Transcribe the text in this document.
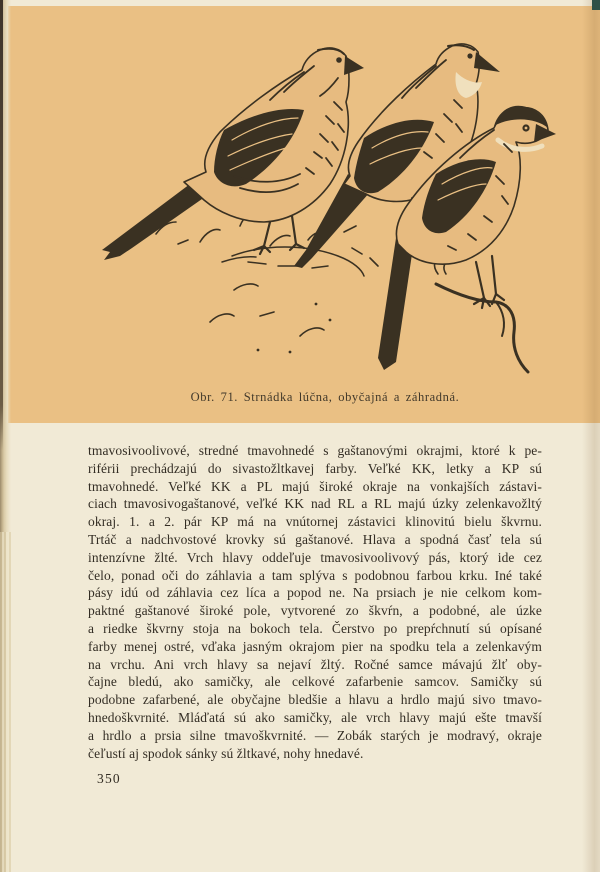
Obr. 71. Strnádka lúčna, obyčajná a záhradná.
tmavosivoolivové, stredné tmavohnedé s gaštanovými okrajmi, ktoré k pe-
riférii prechádzajú do sivastožltkavej farby. Veľké KK, letky a KP sú
tmavohnedé. Veľké KK a PL majú široké okraje na vonkajších zástavi-
ciach tmavosivogaštanové, veľké KK nad RL a RL majú úzky zelenkavožltý
okraj. 1. a 2. pár KP má na vnútornej zástavici klinovitú bielu škvrnu.
Trtáč a nadchvostové krovky sú gaštanové. Hlava a spodná časť tela sú
intenzívne žlté. Vrch hlavy oddeľuje tmavosivoolivový pás, ktorý ide cez
čelo, ponad oči do záhlavia a tam splýva s podobnou farbou krku. Iné také
pásy idú od záhlavia cez líca a popod ne. Na prsiach je nie celkom kom-
paktné gaštanové široké pole, vytvorené zo škvŕn, a podobné, ale úzke
a riedke škvrny stoja na bokoch tela. Čerstvo po prepŕchnutí sú opísané
farby menej ostré, vďaka jasným okrajom pier na spodku tela a zelenkavým
na vrchu. Ani vrch hlavy sa nejaví žltý. Ročné samce mávajú žlť oby-
čajne bledú, ako samičky, ale celkové zafarbenie samcov. Samičky sú
podobne zafarbené, ale obyčajne bledšie a hlavu a hrdlo majú sivo tmavo-
hnedoškvrnité. Mláďatá sú ako samičky, ale vrch hlavy majú ešte tmavší
a hrdlo a prsia silne tmavoškvrnité. — Zobák starých je modravý, okraje
čeľustí aj spodok sánky sú žltkavé, nohy hnedavé.
350
